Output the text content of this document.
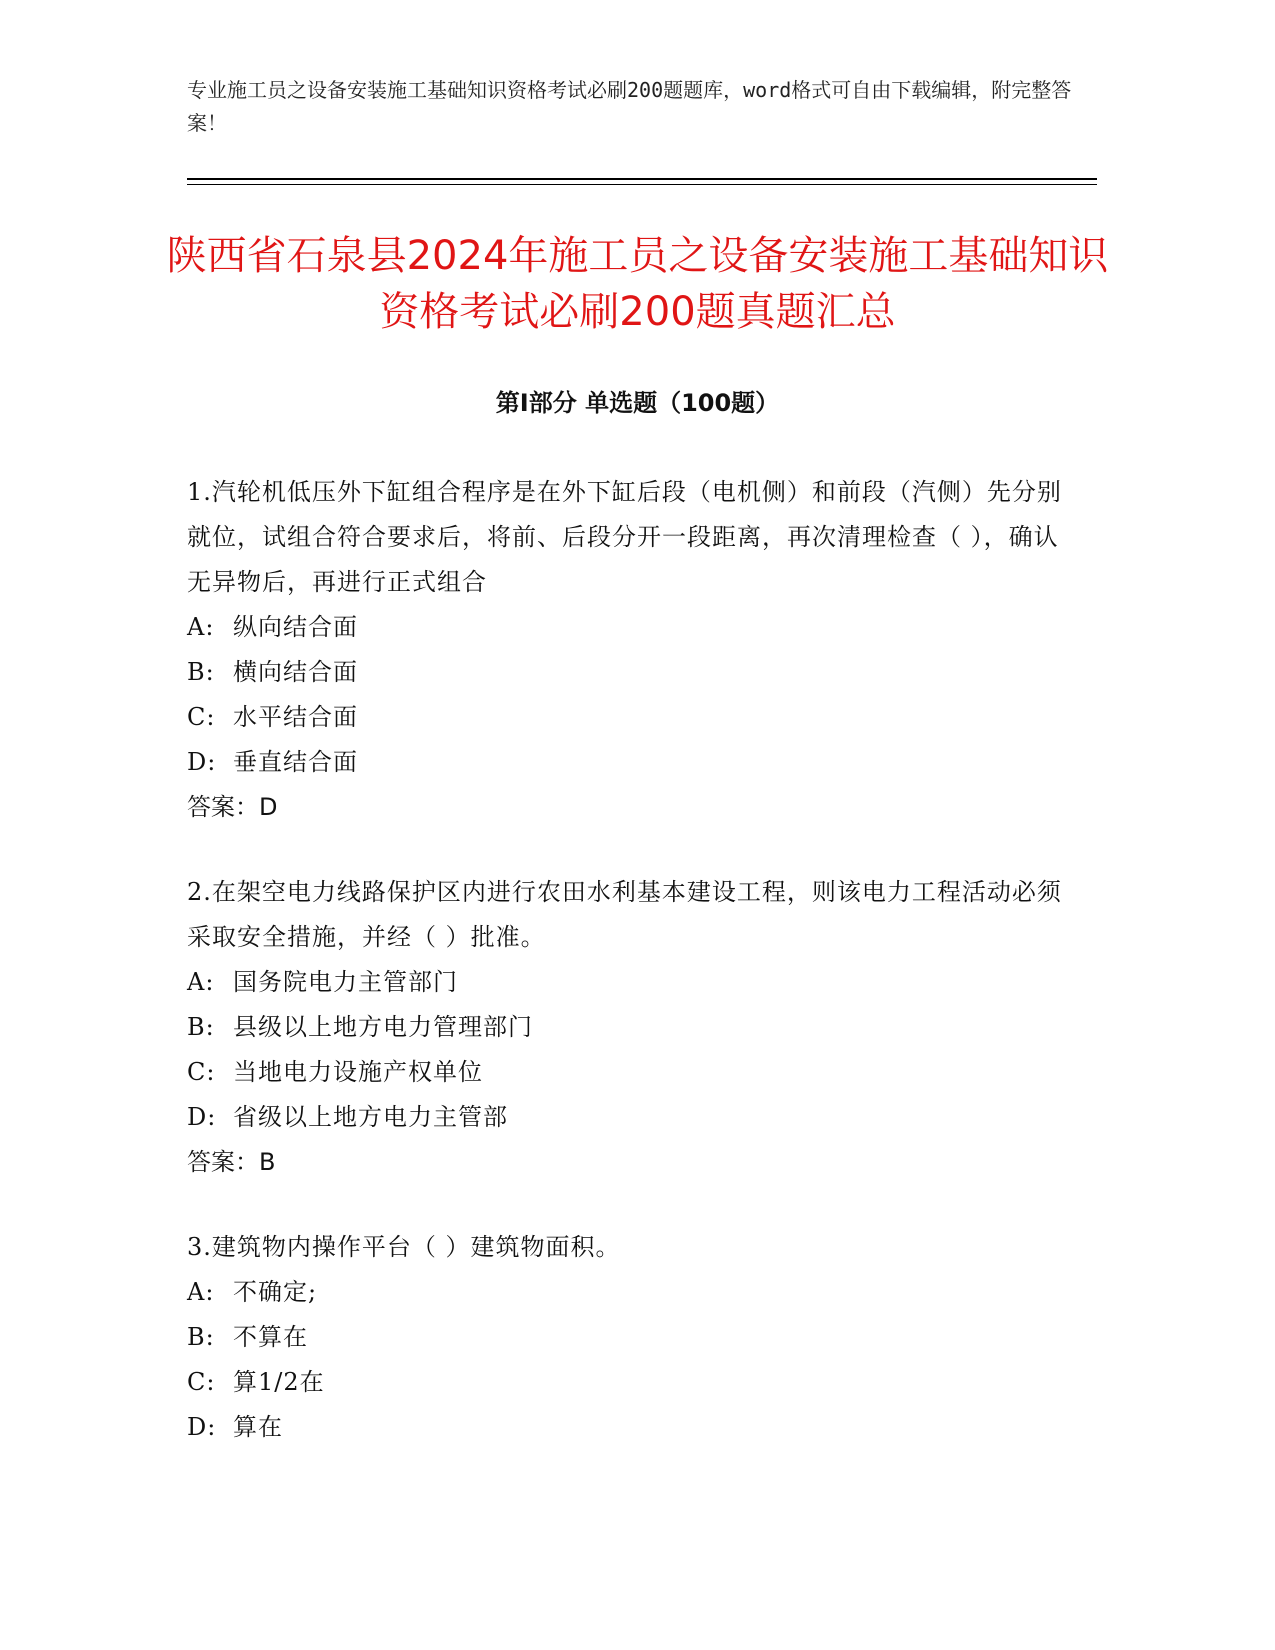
专业施工员之设备安装施工基础知识资格考试必刷200题题库，word格式可自由下载编辑，附完整答案！
陕西省石泉县2024年施工员之设备安装施工基础知识资格考试必刷200题真题汇总
第Ⅰ部分 单选题（100题）
1.汽轮机低压外下缸组合程序是在外下缸后段（电机侧）和前段（汽侧）先分别就位，试组合符合要求后，将前、后段分开一段距离，再次清理检查（ ），确认无异物后，再进行正式组合
A: 纵向结合面
B: 横向结合面
C: 水平结合面
D: 垂直结合面
答案：D
2.在架空电力线路保护区内进行农田水利基本建设工程，则该电力工程活动必须采取安全措施，并经（ ）批准。
A: 国务院电力主管部门
B: 县级以上地方电力管理部门
C: 当地电力设施产权单位
D: 省级以上地方电力主管部
答案：B
3.建筑物内操作平台（ ）建筑物面积。
A: 不确定;
B: 不算在
C: 算1/2在
D: 算在
